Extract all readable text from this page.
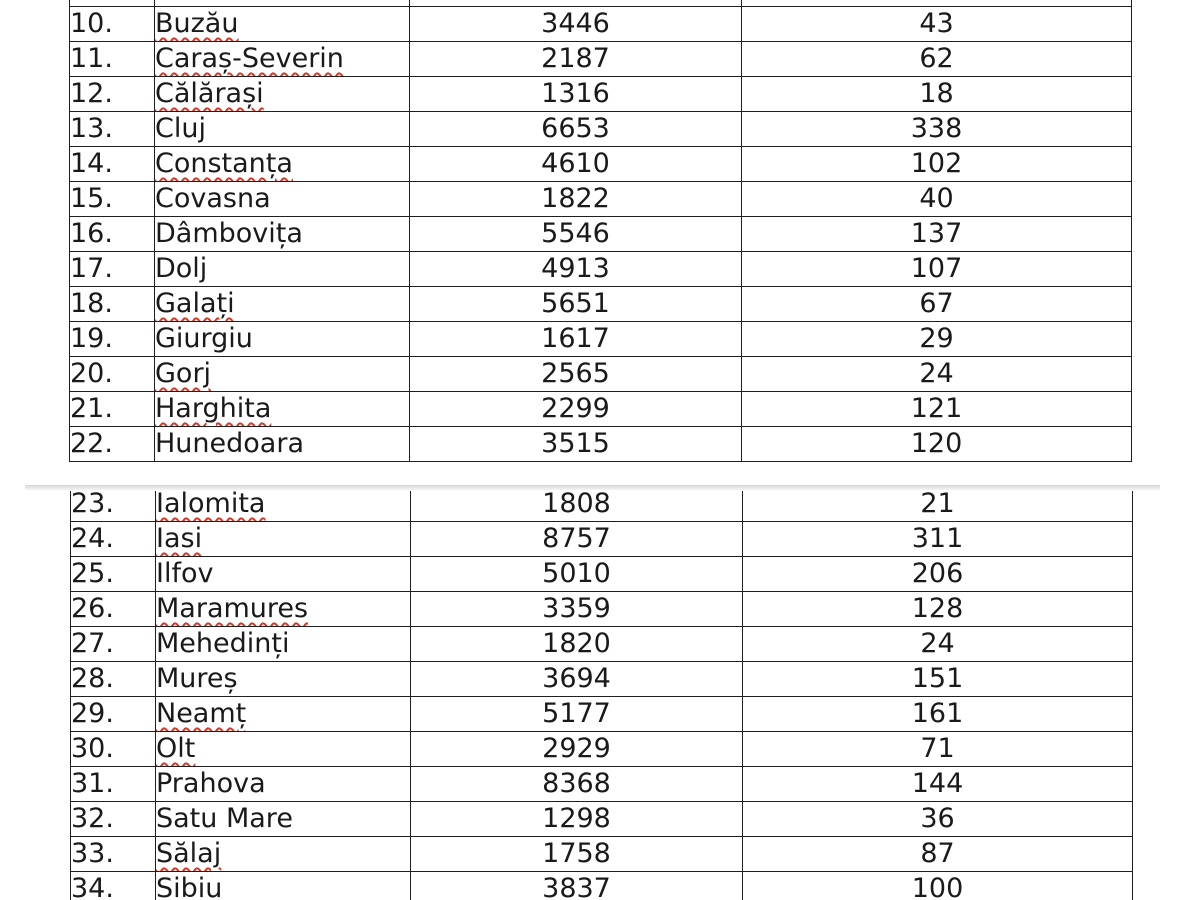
10.	Buzău	3446	43
11.	Caraș-Severin	2187	62
12.	Călărași	1316	18
13.	Cluj	6653	338
14.	Constanța	4610	102
15.	Covasna	1822	40
16.	Dâmbovița	5546	137
17.	Dolj	4913	107
18.	Galați	5651	67
19.	Giurgiu	1617	29
20.	Gorj	2565	24
21.	Harghita	2299	121
22.	Hunedoara	3515	120
23.	Ialomita	1808	21
24.	Iasi	8757	311
25.	Ilfov	5010	206
26.	Maramures	3359	128
27.	Mehedinți	1820	24
28.	Mureș	3694	151
29.	Neamț	5177	161
30.	Olt	2929	71
31.	Prahova	8368	144
32.	Satu Mare	1298	36
33.	Sălaj	1758	87
34.	Sibiu	3837	100
